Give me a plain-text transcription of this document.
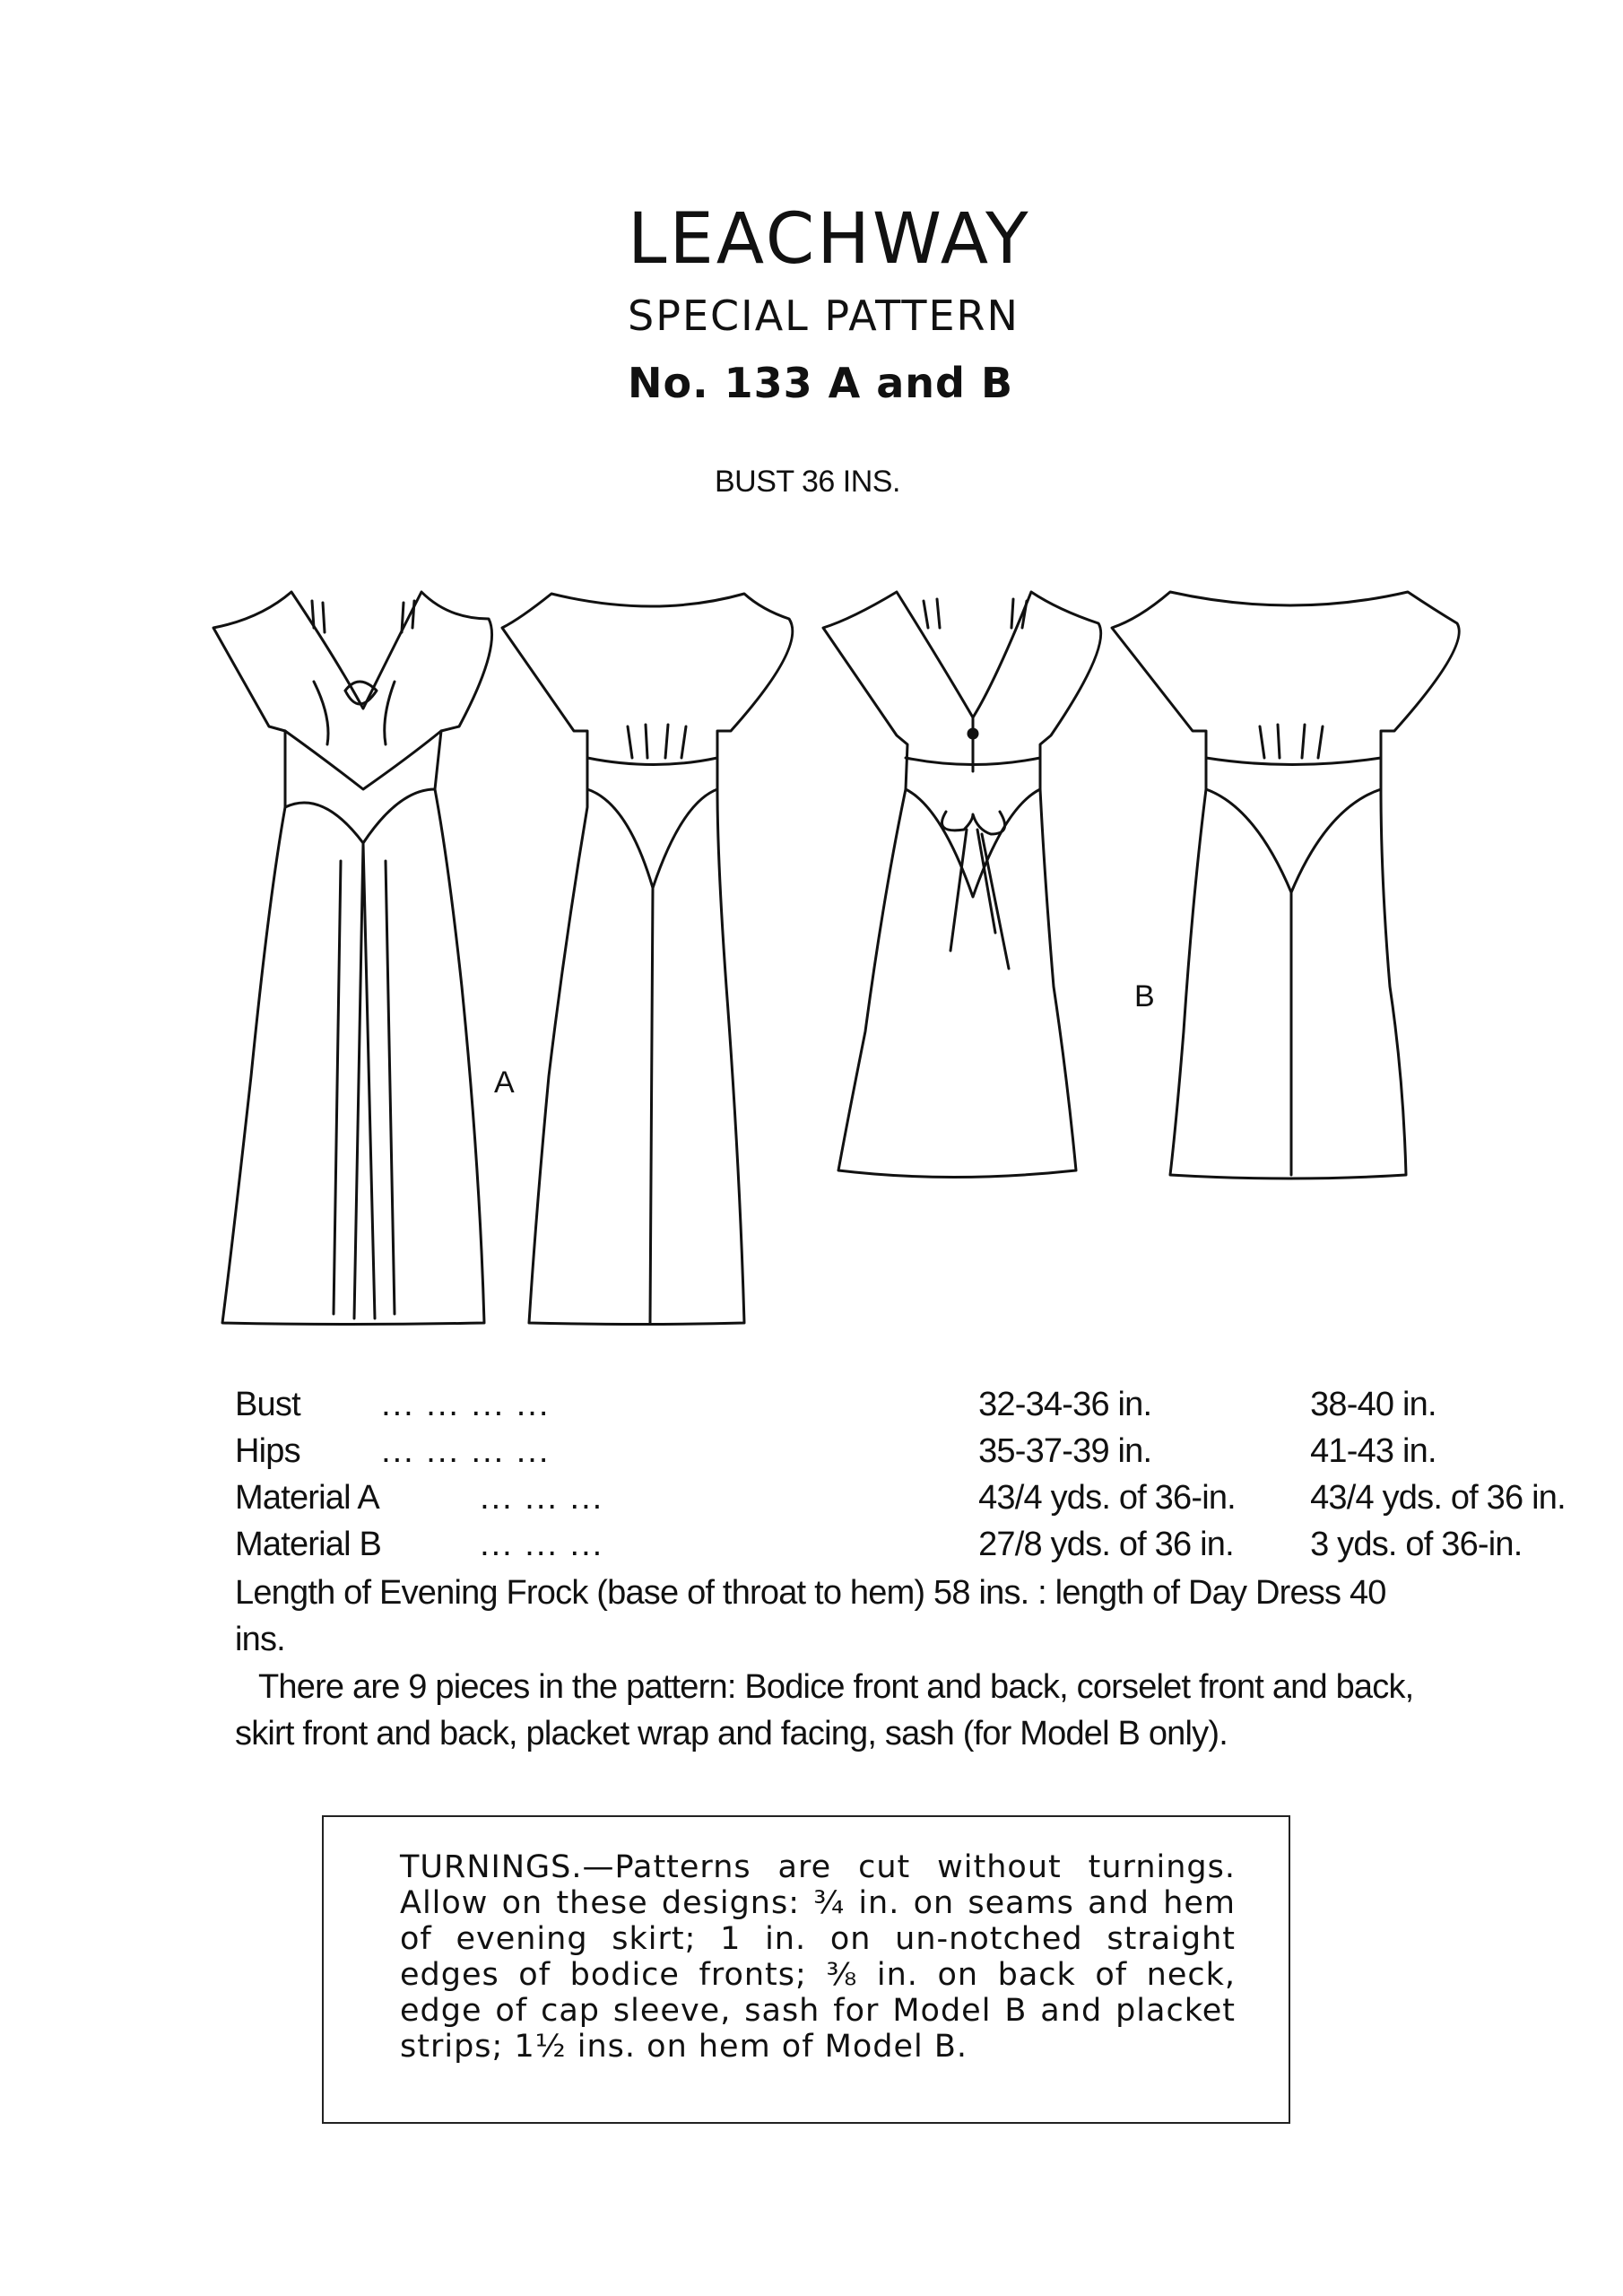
LEACHWAY
SPECIAL PATTERN
No. 133 A and B
BUST 36 INS.
A
B
Bust	... ... ... ...	32-34-36 in.	38-40 in.
Hips	... ... ... ...	35-37-39 in.	41-43 in.
Material A	... ... ...	43/4 yds. of 36-in.	43/4 yds. of 36 in.
Material B	... ... ...	27/8 yds. of 36 in.	3 yds. of 36-in.
Length of Evening Frock (base of throat to hem) 58 ins. : length of Day Dress 40 ins.
There are 9 pieces in the pattern: Bodice front and back, corselet front and back, skirt front and back, placket wrap and facing, sash (for Model B only).
TURNINGS.—Patterns are cut without turnings. Allow on these designs: ¾ in. on seams and hem of evening skirt; 1 in. on un-notched straight edges of bodice fronts; ⅜ in. on back of neck, edge of cap sleeve, sash for Model B and placket strips; 1½ ins. on hem of Model B.
